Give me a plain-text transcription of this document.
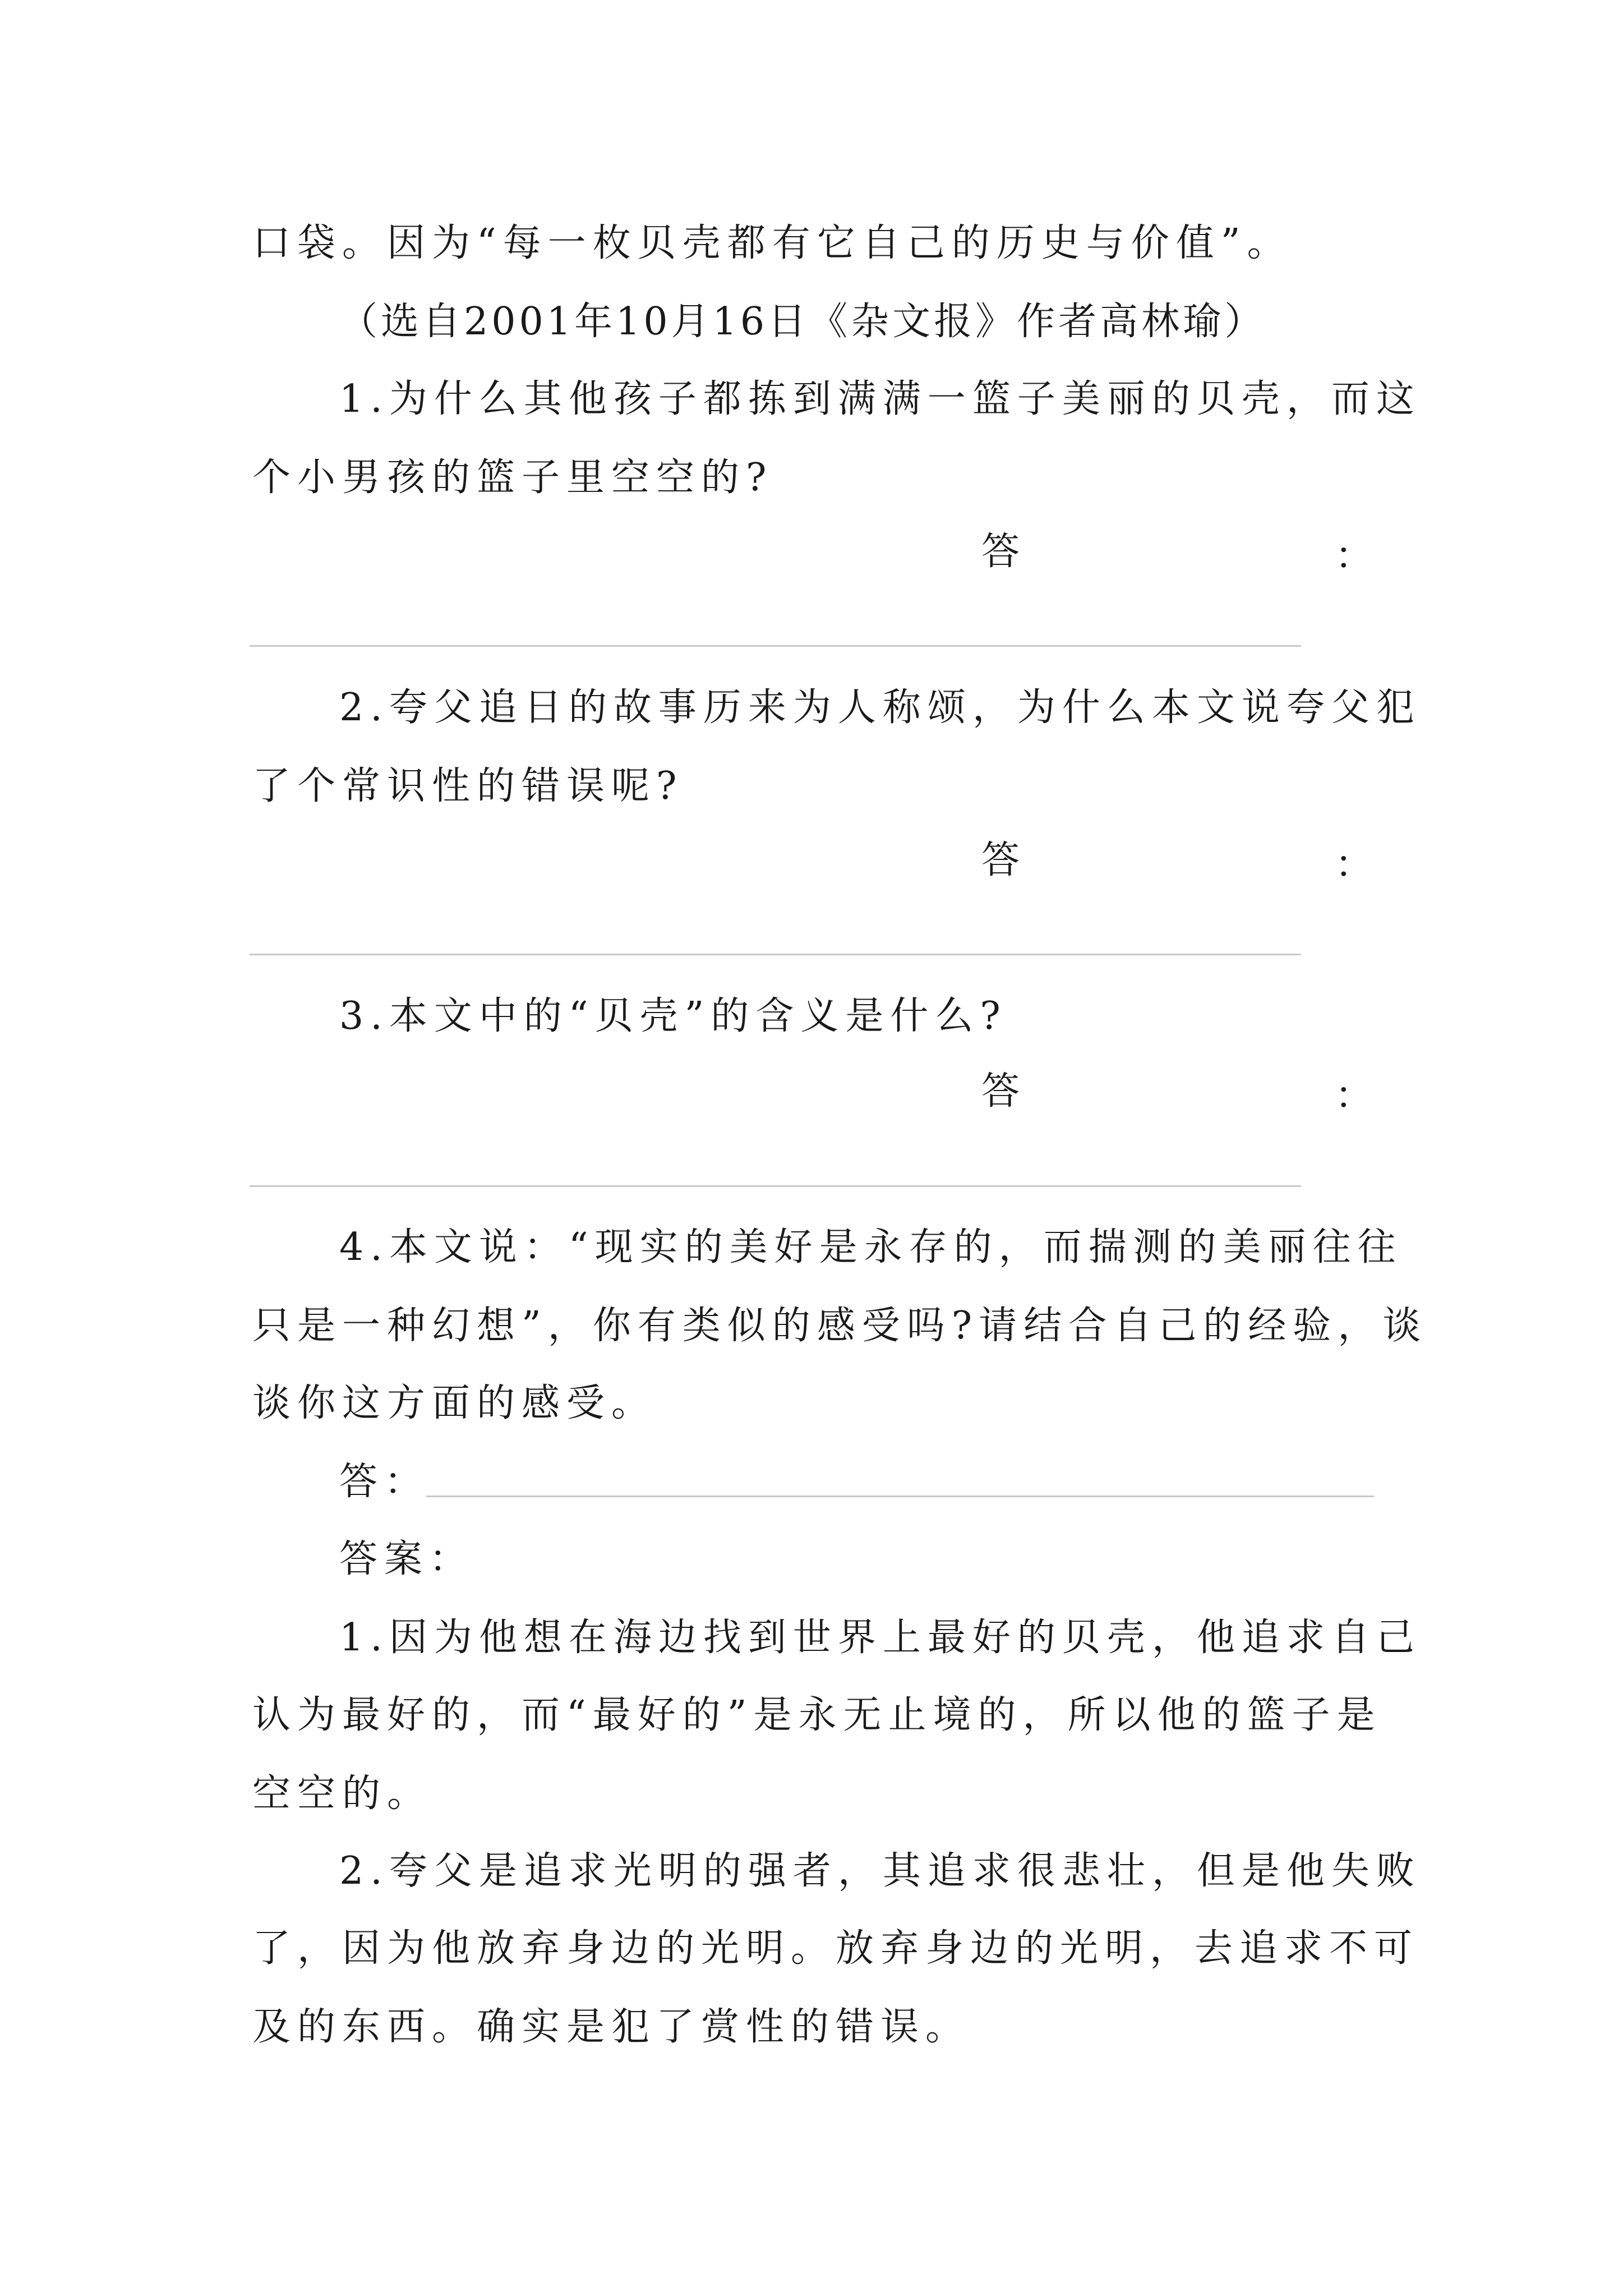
口袋。因为“每一枚贝壳都有它自己的历史与价值”。
（选自2001年10月16日《杂文报》作者高林瑜）
1.为什么其他孩子都拣到满满一篮子美丽的贝壳，而这
个小男孩的篮子里空空的?
答	：
2.夸父追日的故事历来为人称颂，为什么本文说夸父犯
了个常识性的错误呢?
答	：
3.本文中的“贝壳”的含义是什么?
答	：
4.本文说：“现实的美好是永存的，而揣测的美丽往往
只是一种幻想”，你有类似的感受吗?请结合自己的经验，谈
谈你这方面的感受。
答：
答案：
1.因为他想在海边找到世界上最好的贝壳，他追求自己
认为最好的，而“最好的”是永无止境的，所以他的篮子是
空空的。
2.夸父是追求光明的强者，其追求很悲壮，但是他失败
了，因为他放弃身边的光明。放弃身边的光明，去追求不可
及的东西。确实是犯了赏性的错误。
